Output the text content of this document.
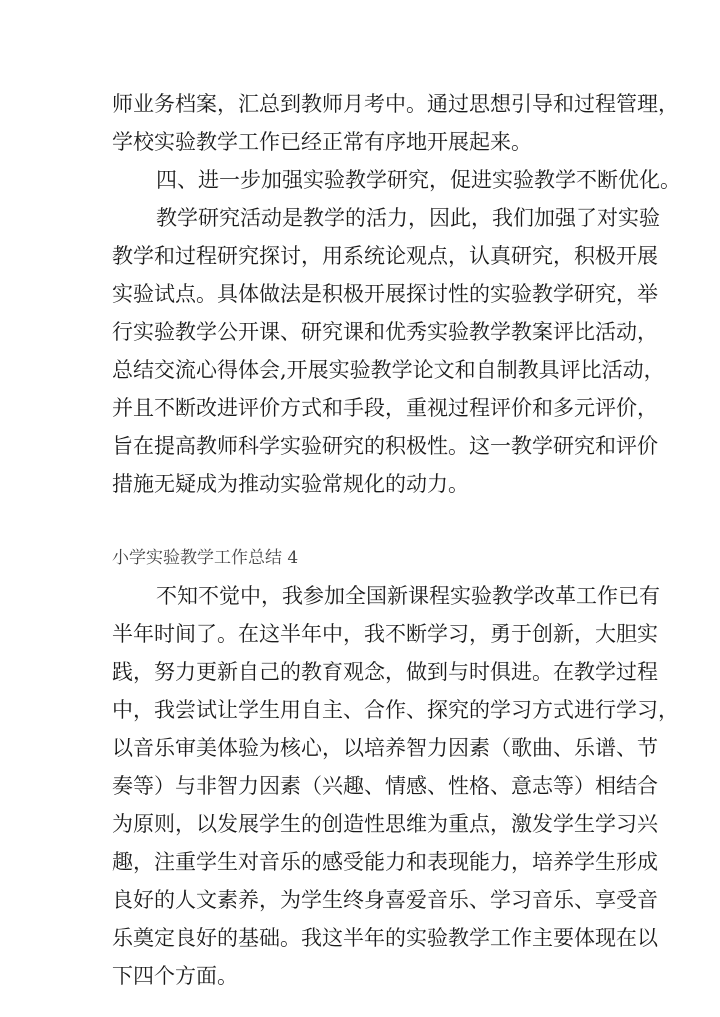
师业务档案，汇总到教师月考中。通过思想引导和过程管理，
学校实验教学工作已经正常有序地开展起来。
四、进一步加强实验教学研究，促进实验教学不断优化。
教学研究活动是教学的活力，因此，我们加强了对实验
教学和过程研究探讨，用系统论观点，认真研究，积极开展
实验试点。具体做法是积极开展探讨性的实验教学研究，举
行实验教学公开课、研究课和优秀实验教学教案评比活动，
总结交流心得体会,开展实验教学论文和自制教具评比活动，
并且不断改进评价方式和手段，重视过程评价和多元评价，
旨在提高教师科学实验研究的积极性。这一教学研究和评价
措施无疑成为推动实验常规化的动力。
小学实验教学工作总结 4
不知不觉中，我参加全国新课程实验教学改革工作已有
半年时间了。在这半年中，我不断学习，勇于创新，大胆实
践，努力更新自己的教育观念，做到与时俱进。在教学过程
中，我尝试让学生用自主、合作、探究的学习方式进行学习，
以音乐审美体验为核心，以培养智力因素（歌曲、乐谱、节
奏等）与非智力因素（兴趣、情感、性格、意志等）相结合
为原则，以发展学生的创造性思维为重点，激发学生学习兴
趣，注重学生对音乐的感受能力和表现能力，培养学生形成
良好的人文素养，为学生终身喜爱音乐、学习音乐、享受音
乐奠定良好的基础。我这半年的实验教学工作主要体现在以
下四个方面。
